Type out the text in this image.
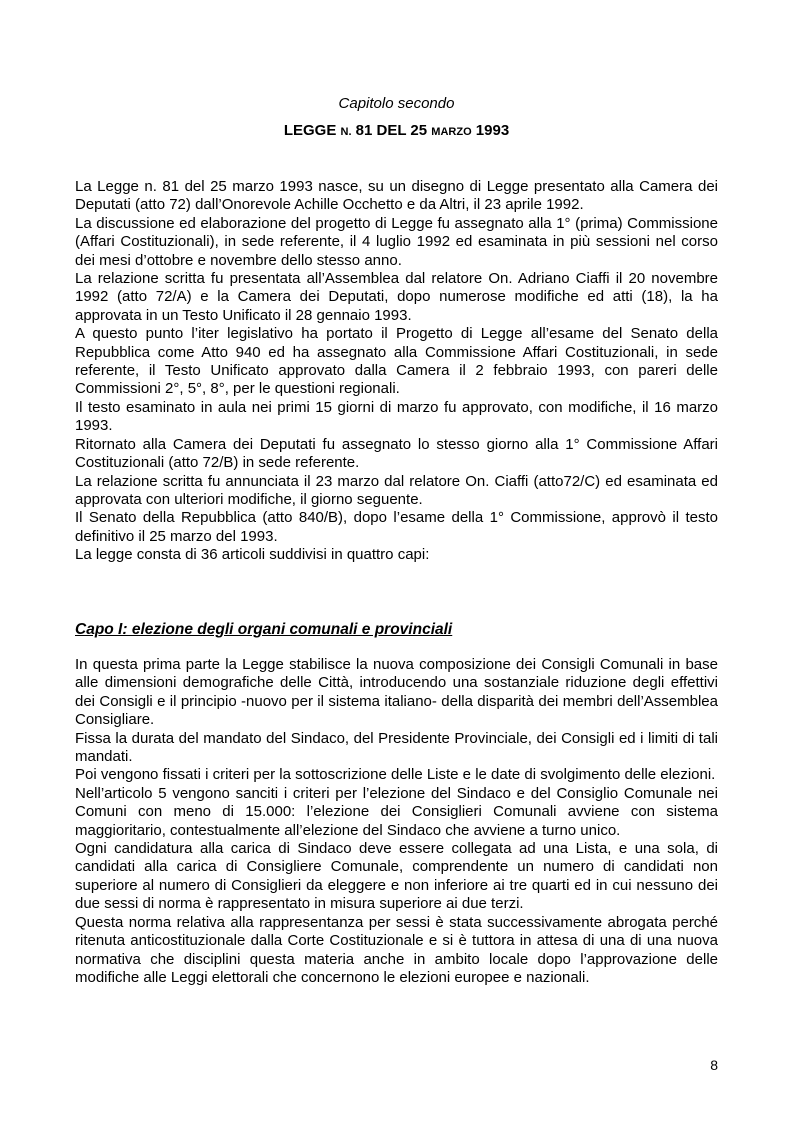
Capitolo secondo
LEGGE N. 81 DEL 25 MARZO 1993

La Legge n. 81 del 25 marzo 1993 nasce, su un disegno di Legge presentato alla Camera dei Deputati (atto 72) dall’Onorevole Achille Occhetto e da Altri, il 23 aprile 1992.

La discussione ed elaborazione del progetto di Legge fu assegnato alla 1° (prima) Commissione (Affari Costituzionali), in sede referente, il 4 luglio 1992 ed esaminata in più sessioni nel corso dei mesi d’ottobre e novembre dello stesso anno.

La relazione scritta fu presentata all’Assemblea dal relatore On. Adriano Ciaffi il 20 novembre 1992 (atto 72/A) e la Camera dei Deputati, dopo numerose modifiche ed atti (18), la ha approvata in un Testo Unificato il 28 gennaio 1993.

A questo punto l’iter legislativo ha portato il Progetto di Legge all’esame del Senato della Repubblica come Atto 940 ed ha assegnato alla Commissione Affari Costituzionali, in sede referente, il Testo Unificato approvato dalla Camera il 2 febbraio 1993, con pareri delle Commissioni 2°, 5°, 8°, per le questioni regionali.

Il testo esaminato in aula nei primi 15 giorni di marzo fu approvato, con modifiche, il 16 marzo 1993.

Ritornato alla Camera dei Deputati fu assegnato lo stesso giorno alla 1° Commissione Affari Costituzionali (atto 72/B) in sede referente.

La relazione scritta fu annunciata il 23 marzo dal relatore On. Ciaffi (atto72/C) ed esaminata ed approvata con ulteriori modifiche, il giorno seguente.

Il Senato della Repubblica (atto 840/B), dopo l’esame della 1° Commissione, approvò il testo definitivo il 25 marzo del 1993.

La legge consta di 36 articoli suddivisi in quattro capi:

Capo I: elezione degli organi comunali e provinciali

In questa prima parte la Legge stabilisce la nuova composizione dei Consigli Comunali in base alle dimensioni demografiche delle Città, introducendo una sostanziale riduzione degli effettivi dei Consigli e il principio -nuovo per il sistema italiano- della disparità dei membri dell’Assemblea Consigliare.

Fissa la durata del mandato del Sindaco, del Presidente Provinciale, dei Consigli ed i limiti di tali mandati.

Poi vengono fissati i criteri per la sottoscrizione delle Liste e le date di svolgimento delle elezioni.

Nell’articolo 5 vengono sanciti i criteri per l’elezione del Sindaco e del Consiglio Comunale nei Comuni con meno di 15.000: l’elezione dei Consiglieri Comunali avviene con sistema maggioritario, contestualmente all’elezione del Sindaco che avviene a turno unico.

Ogni candidatura alla carica di Sindaco deve essere collegata ad una Lista, e una sola, di candidati alla carica di Consigliere Comunale, comprendente un numero di candidati non superiore al numero di Consiglieri da eleggere e non inferiore ai tre quarti ed in cui nessuno dei due sessi di norma è rappresentato in misura superiore ai due terzi.

Questa norma relativa alla rappresentanza per sessi è stata successivamente abrogata perché ritenuta anticostituzionale dalla Corte Costituzionale e si è tuttora in attesa di una di una nuova normativa che disciplini questa materia anche in ambito locale dopo l’approvazione delle modifiche alle Leggi elettorali che concernono le elezioni europee e nazionali.

8
